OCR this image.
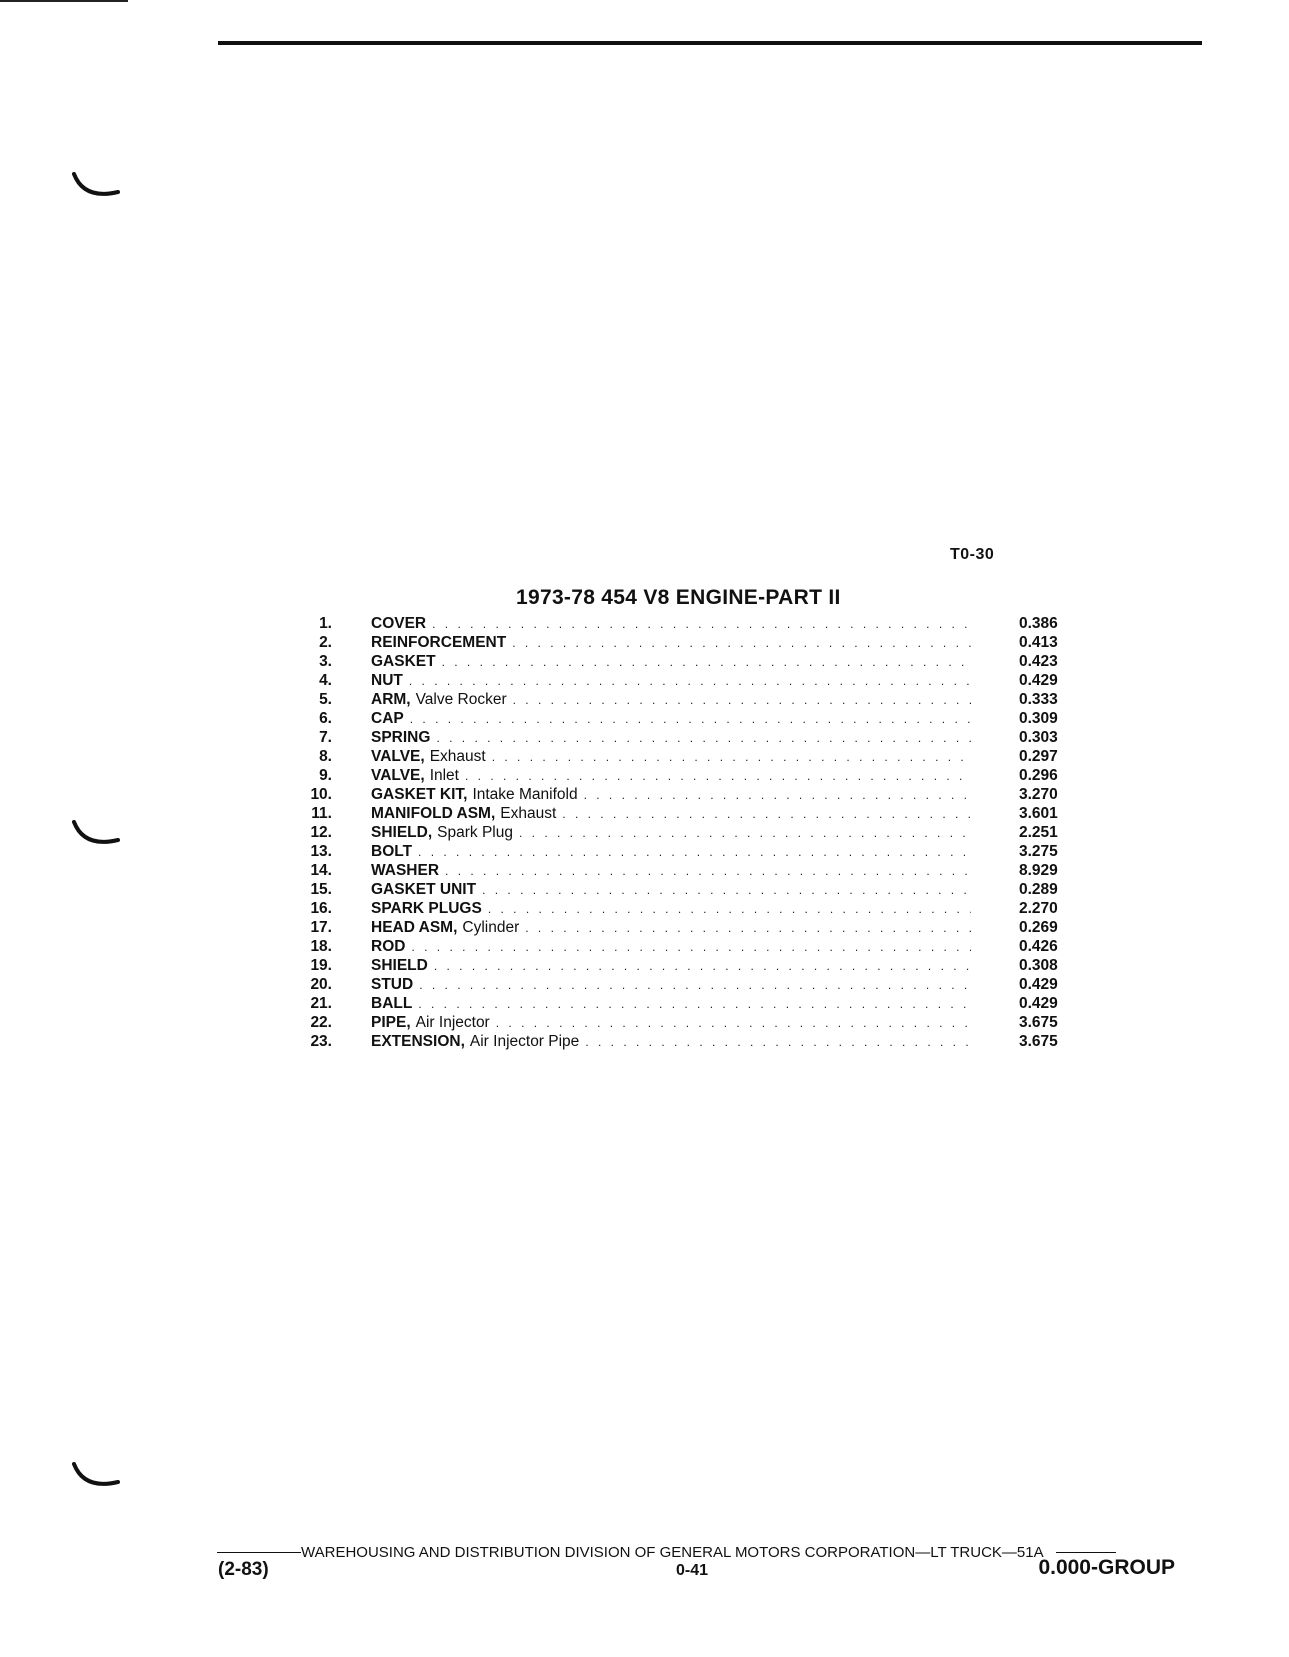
T0-30
1973-78 454 V8 ENGINE-PART II
1.	COVER . . .	0.386
2.	REINFORCEMENT . . .	0.413
3.	GASKET . . .	0.423
4.	NUT . . .	0.429
5.	ARM, Valve Rocker . . .	0.333
6.	CAP . . .	0.309
7.	SPRING . . .	0.303
8.	VALVE, Exhaust . . .	0.297
9.	VALVE, Inlet . . .	0.296
10.	GASKET KIT, Intake Manifold . . .	3.270
11.	MANIFOLD ASM, Exhaust . . .	3.601
12.	SHIELD, Spark Plug . . .	2.251
13.	BOLT . . .	3.275
14.	WASHER . . .	8.929
15.	GASKET UNIT . . .	0.289
16.	SPARK PLUGS . . .	2.270
17.	HEAD ASM, Cylinder . . .	0.269
18.	ROD . . .	0.426
19.	SHIELD . . .	0.308
20.	STUD . . .	0.429
21.	BALL . . .	0.429
22.	PIPE, Air Injector . . .	3.675
23.	EXTENSION, Air Injector Pipe . . .	3.675
WAREHOUSING AND DISTRIBUTION DIVISION OF GENERAL MOTORS CORPORATION—LT TRUCK—51A
(2-83)	0-41	0.000-GROUP
